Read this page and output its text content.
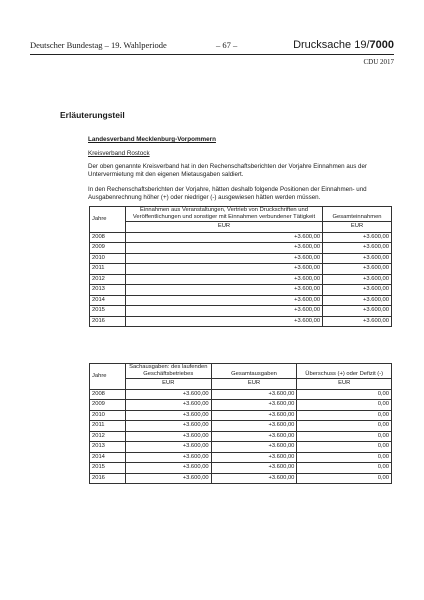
Deutscher Bundestag – 19. Wahlperiode	– 67 –	Drucksache 19/7000
CDU 2017
Erläuterungsteil
Landesverband Mecklenburg-Vorpommern
Kreisverband Rostock
Der oben genannte Kreisverband hat in den Rechenschaftsberichten der Vorjahre Einnahmen aus der Untervermietung mit den eigenen Mietausgaben saldiert.
In den Rechenschaftsberichten der Vorjahre, hätten deshalb folgende Positionen der Einnahmen- und Ausgabenrechnung höher (+) oder niedriger (-) ausgewiesen hätten werden müssen.
Jahre	Einnahmen aus Veranstaltungen, Vertrieb von Druckschriften und Veröffentlichungen und sonstiger mit Einnahmen verbundener Tätigkeit	Gesamteinnahmen
	EUR	EUR
2008	+3.600,00	+3.600,00
2009	+3.600,00	+3.600,00
2010	+3.600,00	+3.600,00
2011	+3.600,00	+3.600,00
2012	+3.600,00	+3.600,00
2013	+3.600,00	+3.600,00
2014	+3.600,00	+3.600,00
2015	+3.600,00	+3.600,00
2016	+3.600,00	+3.600,00
Jahre	Sachausgaben: des laufenden Geschäftsbetriebes	Gesamtausgaben	Überschuss (+) oder Defizit (-)
	EUR	EUR	EUR
2008	+3.600,00	+3.600,00	0,00
2009	+3.600,00	+3.600,00	0,00
2010	+3.600,00	+3.600,00	0,00
2011	+3.600,00	+3.600,00	0,00
2012	+3.600,00	+3.600,00	0,00
2013	+3.600,00	+3.600,00	0,00
2014	+3.600,00	+3.600,00	0,00
2015	+3.600,00	+3.600,00	0,00
2016	+3.600,00	+3.600,00	0,00
